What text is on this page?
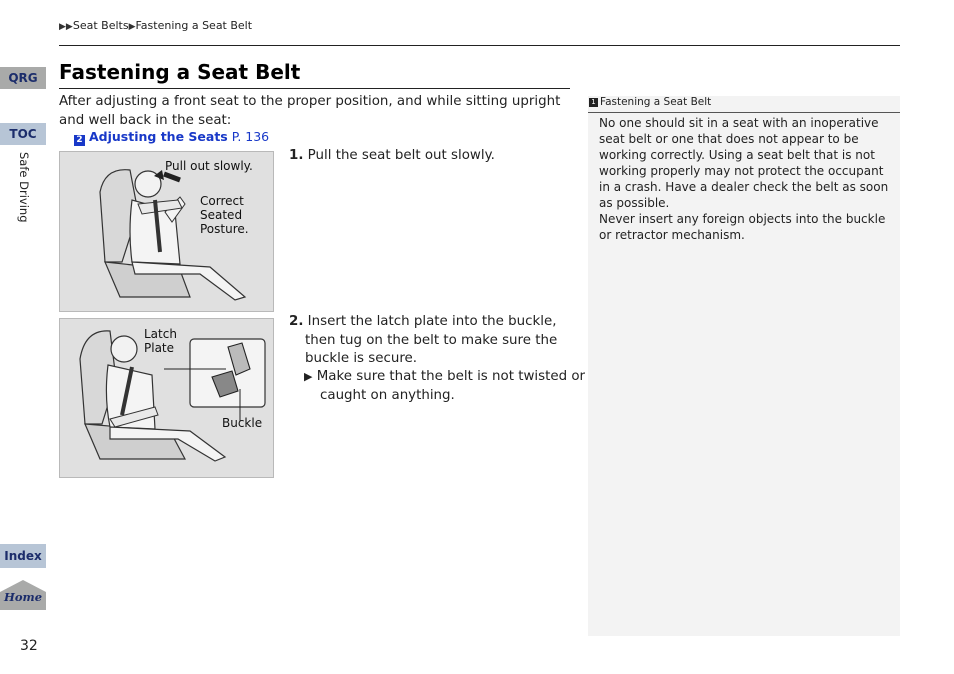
▶▶Seat Belts▶Fastening a Seat Belt
Fastening a Seat Belt
After adjusting a front seat to the proper position, and while sitting upright and well back in the seat:
2 Adjusting the Seats P. 136
Pull out slowly.
Correct
Seated
Posture.
Latch
Plate
Buckle
1. Pull the seat belt out slowly.
2. Insert the latch plate into the buckle, then tug on the belt to make sure the buckle is secure.
▶ Make sure that the belt is not twisted or caught on anything.
1 Fastening a Seat Belt
No one should sit in a seat with an inoperative seat belt or one that does not appear to be working correctly. Using a seat belt that is not working properly may not protect the occupant in a crash. Have a dealer check the belt as soon as possible.
Never insert any foreign objects into the buckle or retractor mechanism.
QRG
TOC
Safe Driving
Index
Home
32
